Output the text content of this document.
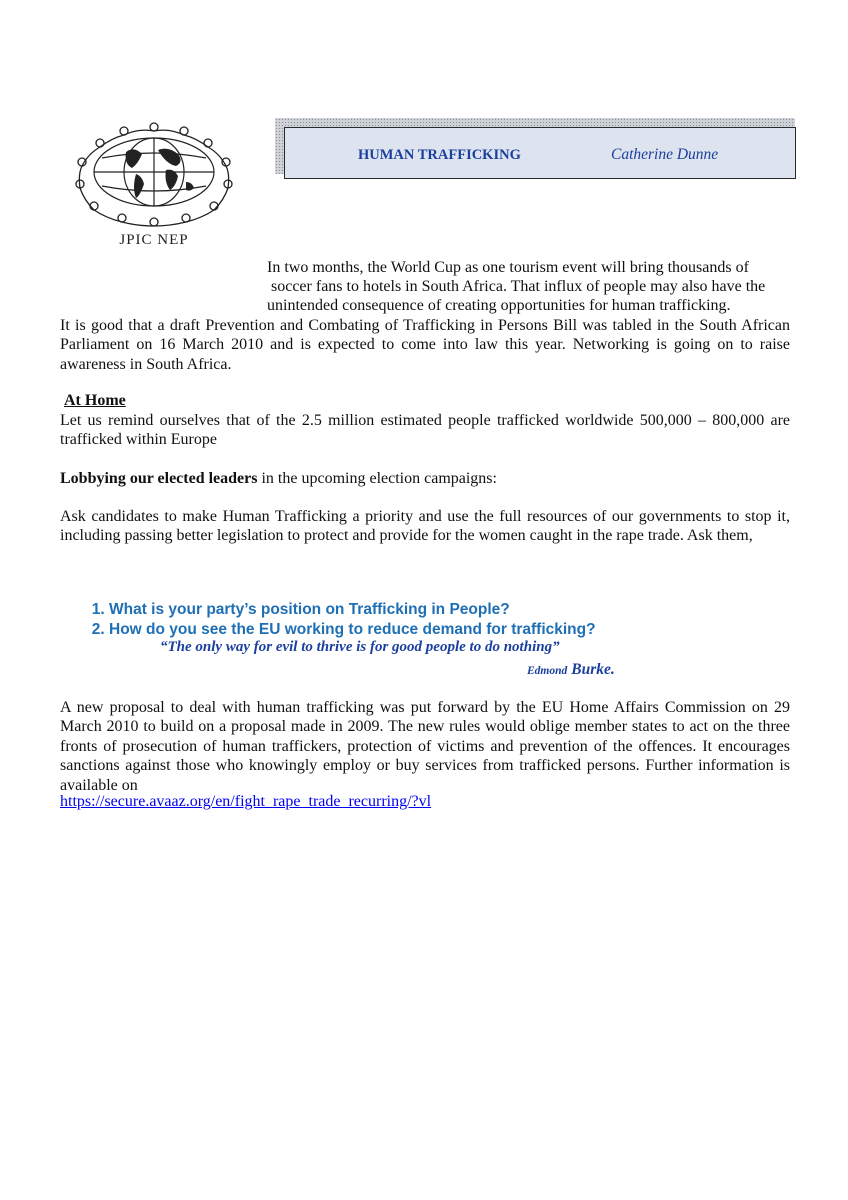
JPIC NEP
HUMAN TRAFFICKING	Catherine Dunne
In two months, the World Cup as one tourism event will bring thousands of
soccer fans to hotels in South Africa. That influx of people may also have the
unintended consequence of creating opportunities for human trafficking.

It is good that a draft Prevention and Combating of Trafficking in Persons Bill was tabled in the South African Parliament on 16 March 2010 and is expected to come into law this year. Networking is going on to raise awareness in South Africa.

At Home

Let us remind ourselves that of the 2.5 million estimated people trafficked worldwide 500,000 – 800,000 are trafficked within Europe

Lobbying our elected leaders in the upcoming election campaigns:

Ask candidates to make Human Trafficking a priority and use the full resources of our governments to stop it, including passing better legislation to protect and provide for the women caught in the rape trade. Ask them,

1. What is your party’s position on Trafficking in People?
2. How do you see the EU working to reduce demand for trafficking?
“The only way for evil to thrive is for good people to do nothing”
Edmond Burke.

A new proposal to deal with human trafficking was put forward by the EU Home Affairs Commission on 29 March 2010 to build on a proposal made in 2009. The new rules would oblige member states to act on the three fronts of prosecution of human traffickers, protection of victims and prevention of the offences. It encourages sanctions against those who knowingly employ or buy services from trafficked persons. Further information is available on

https://secure.avaaz.org/en/fight_rape_trade_recurring/?vl
